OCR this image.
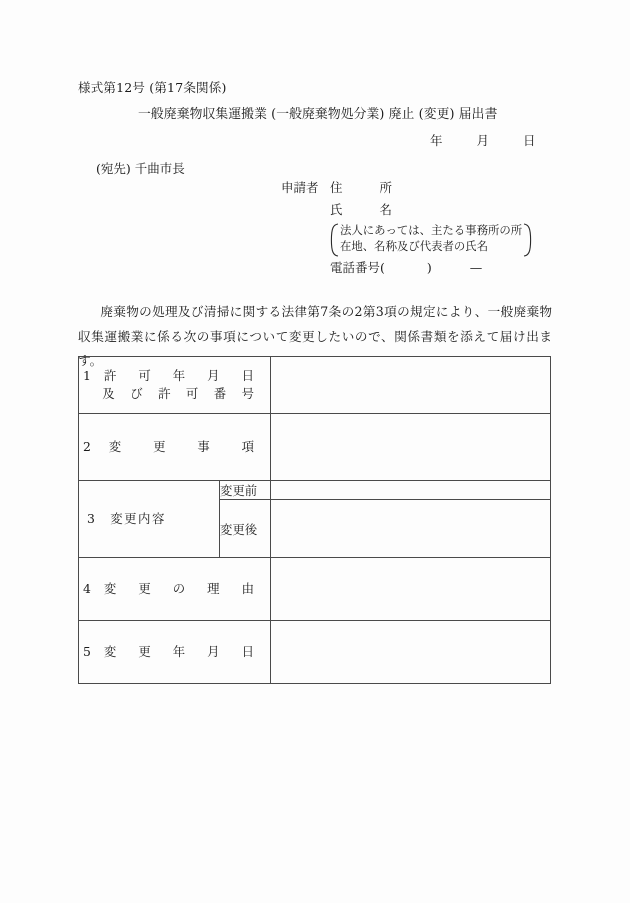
様式第12号 (第17条関係)
一般廃棄物収集運搬業 (一般廃棄物処分業) 廃止 (変更) 届出書
年	月	日
(宛先) 千曲市長
申請者 住所
氏名
法人にあっては、主たる事務所の所
在地、名称及び代表者の氏名
電話番号(	)	—
廃棄物の処理及び清掃に関する法律第7条の2第3項の規定により、一般廃棄物収集運搬業に係る次の事項について変更したいので、関係書類を添えて届け出ます。
1 許 可 年 月 日
及 び 許 可 番 号		

2 変 更 事 項		

3　変更内容	変更前	
	変更後	

4 変 更 の 理 由		

5 変 更 年 月 日		
